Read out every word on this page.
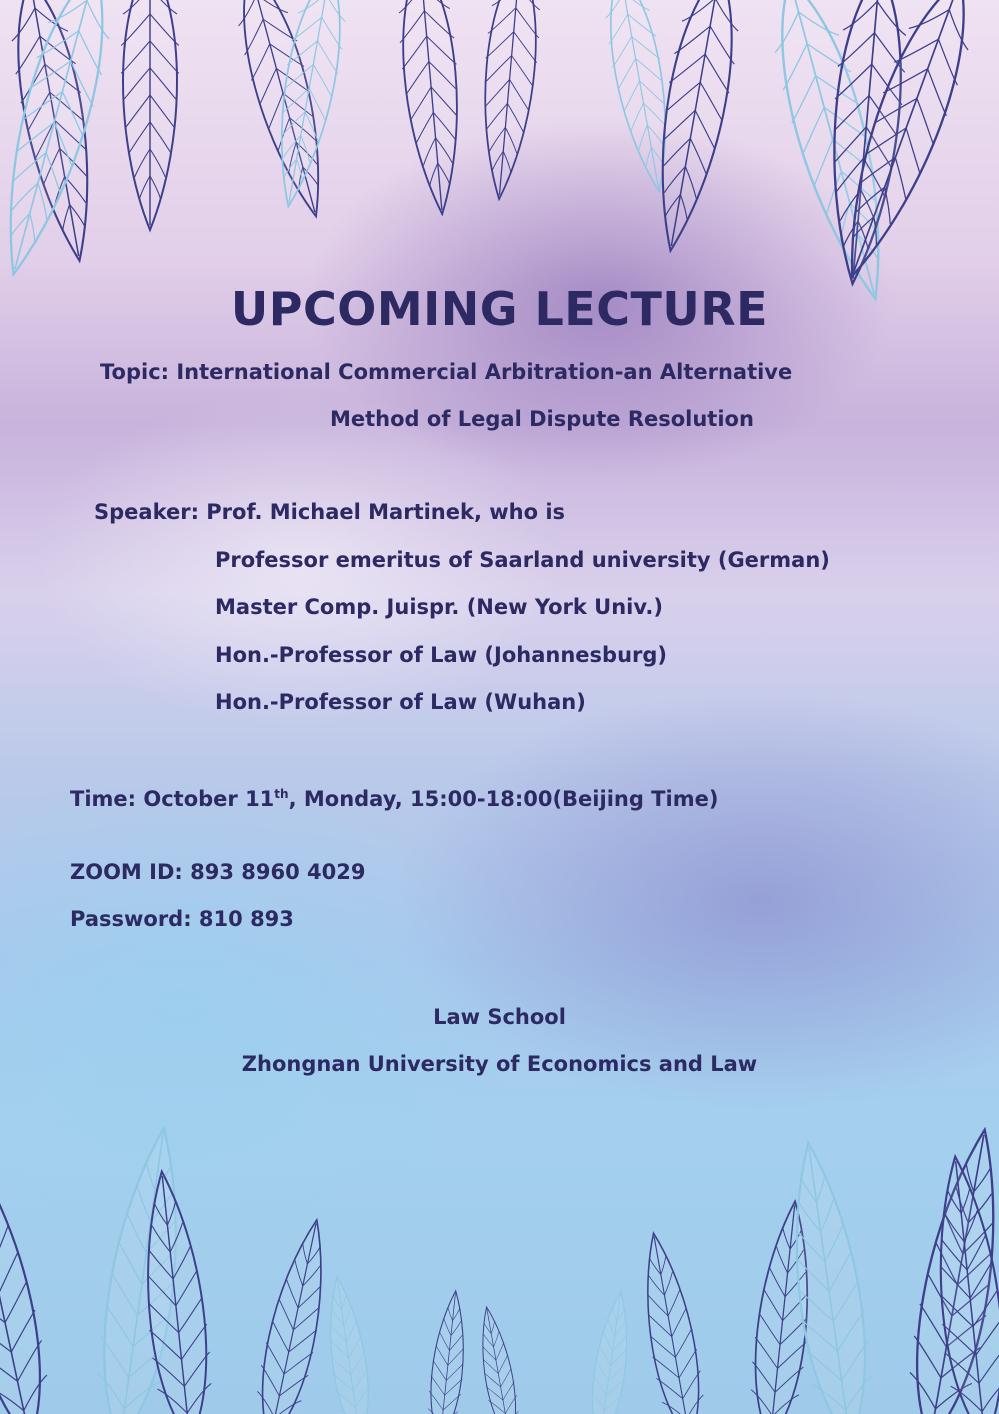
UPCOMING LECTURE
Topic: International Commercial Arbitration-an Alternative
Method of Legal Dispute Resolution
Speaker: Prof. Michael Martinek, who is
Professor emeritus of Saarland university (German)
Master Comp. Juispr. (New York Univ.)
Hon.-Professor of Law (Johannesburg)
Hon.-Professor of Law (Wuhan)
Time: October 11th, Monday, 15:00-18:00(Beijing Time)
ZOOM ID: 893 8960 4029
Password: 810 893
Law School
Zhongnan University of Economics and Law
